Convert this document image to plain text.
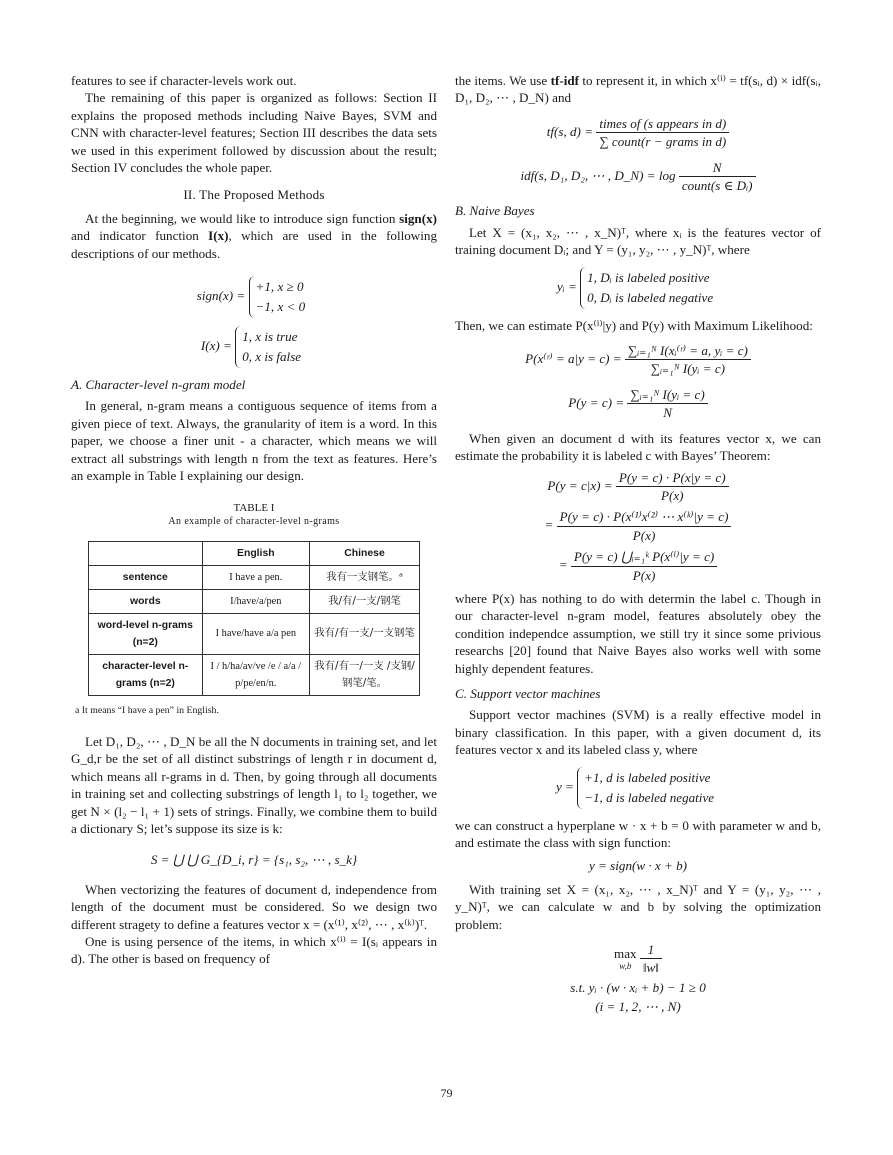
features to see if character-levels work out.

The remaining of this paper is organized as follows: Section II explains the proposed methods including Naive Bayes, SVM and CNN with character-level features; Section III describes the data sets we used in this experiment followed by discussion about the result; Section IV concludes the whole paper.

II. The Proposed Methods

At the beginning, we would like to introduce sign function sign(x) and indicator function I(x), which are used in the following descriptions of our methods.

sign(x) =
+1, x ≥ 0
−1, x < 0
I(x) =
1, x is true
0, x is false
A. Character-level n-gram model

In general, n-gram means a contiguous sequence of items from a given piece of text. Always, the granularity of item is a word. In this paper, we choose a finer unit - a character, which means we will extract all substrings with length n from the text as features. Here’s an example in Table I explaining our design.

TABLE I
An example of character-level n-grams
	English	Chinese
sentence	I have a pen.	我有一支钢笔。ᵃ
words	I/have/a/pen	我/有/一支/钢笔
word-level n-grams (n=2)	I have/have a/a pen	我有/有一支/一支钢笔
character-level n-grams (n=2)	I / h/ha/av/ve /e / a/a / p/pe/en/n.	我有/有一/一支 /支钢/钢笔/笔。
a It means “I have a pen” in English.

Let D₁, D₂, ⋯ , D_N be all the N documents in training set, and let G_d,r be the set of all distinct substrings of length r in document d, which means all r-grams in d. Then, by going through all documents in training set and collecting substrings of length l₁ to l₂ together, we get N × (l₂ − l₁ + 1) sets of strings. Finally, we combine them to build a dictionary S; let’s suppose its size is k:

S = ⋃ ⋃ G_{D_i, r} = {s₁, s₂, ⋯ , s_k}

When vectorizing the features of document d, independence from length of the document must be considered. So we design two different stragety to define a features vector x = (x⁽¹⁾, x⁽²⁾, ⋯ , x⁽ᵏ⁾)ᵀ.

One is using persence of the items, in which x⁽ⁱ⁾ = I(sᵢ appears in d). The other is based on frequency of

the items. We use tf-idf to represent it, in which x⁽ⁱ⁾ = tf(sᵢ, d) × idf(sᵢ, D₁, D₂, ⋯ , D_N) and

tf(s, $d) = \frac{\text{times of (s appears in d)}}{\text{∑ count(r − grams in d)}}$
idf(s, D₁, D₂, ⋯ , D_N) = $\log \frac{N}{\text{count(s ∈ Dᵢ)}}$
B. Naive Bayes

Let X = (x₁, x₂, ⋯ , x_N)ᵀ, where xᵢ is the features vector of training document Dᵢ; and Y = (y₁, y₂, ⋯ , y_N)ᵀ, where

yᵢ =
1, Dᵢ is labeled positive
0, Dᵢ is labeled negative

Then, we can estimate P(x⁽ⁱ⁾|y) and P(y) with Maximum Likelihood:

P(x⁽ʳ⁾ = $a|y = c) = \frac{\text{∑ᵢ₌₁ᴺ I(xᵢ⁽ʳ⁾ = a, yᵢ = c)}}{\text{∑ᵢ₌₁ᴺ I(yᵢ = c)}}$
$P(y = c) = \frac{\text{∑ᵢ₌₁ᴺ I(yᵢ = c)}}{N}$

When given an document d with its features vector x, we can estimate the probability it is labeled c with Bayes’ Theorem:

$P(y = c|x) = \frac{P(y = c) \cdot P(x|y = c)}{P(x)}$
= $\frac{\text{P(y = c) · P(x⁽¹⁾x⁽²⁾ ⋯ x⁽ᵏ⁾|y = c)}}{P(x)}$
= $\frac{\text{P(y = c) ⋃ᵢ₌₁ᵏ P(x⁽ⁱ⁾|y = c)}}{P(x)}$

where P(x) has nothing to do with determin the label c. Though in our character-level n-gram model, features absolutely obey the condition independce assumption, we still try it since some privious researchs [20] found that Naive Bayes also works well with some highly dependent features.

C. Support vector machines

Support vector machines (SVM) is a really effective model in binary classification. In this paper, with a given document d, its features vector x and its labeled class y, where

y =
+1, d is labeled positive
−1, d is labeled negative

we can construct a hyperplane w · x + b = 0 with parameter w and b, and estimate the class with sign function:

y = sign(w · x + b)

With training set X = (x₁, x₂, ⋯ , x_N)ᵀ and Y = (y₁, y₂, ⋯ , y_N)ᵀ, we can calculate w and b by solving the optimization problem:

max
w,b
$\frac{1}{‖w‖}$
s.t. yᵢ · (w · xᵢ + b) − 1 ≥ 0
(i = 1, 2, ⋯ , N)
79
